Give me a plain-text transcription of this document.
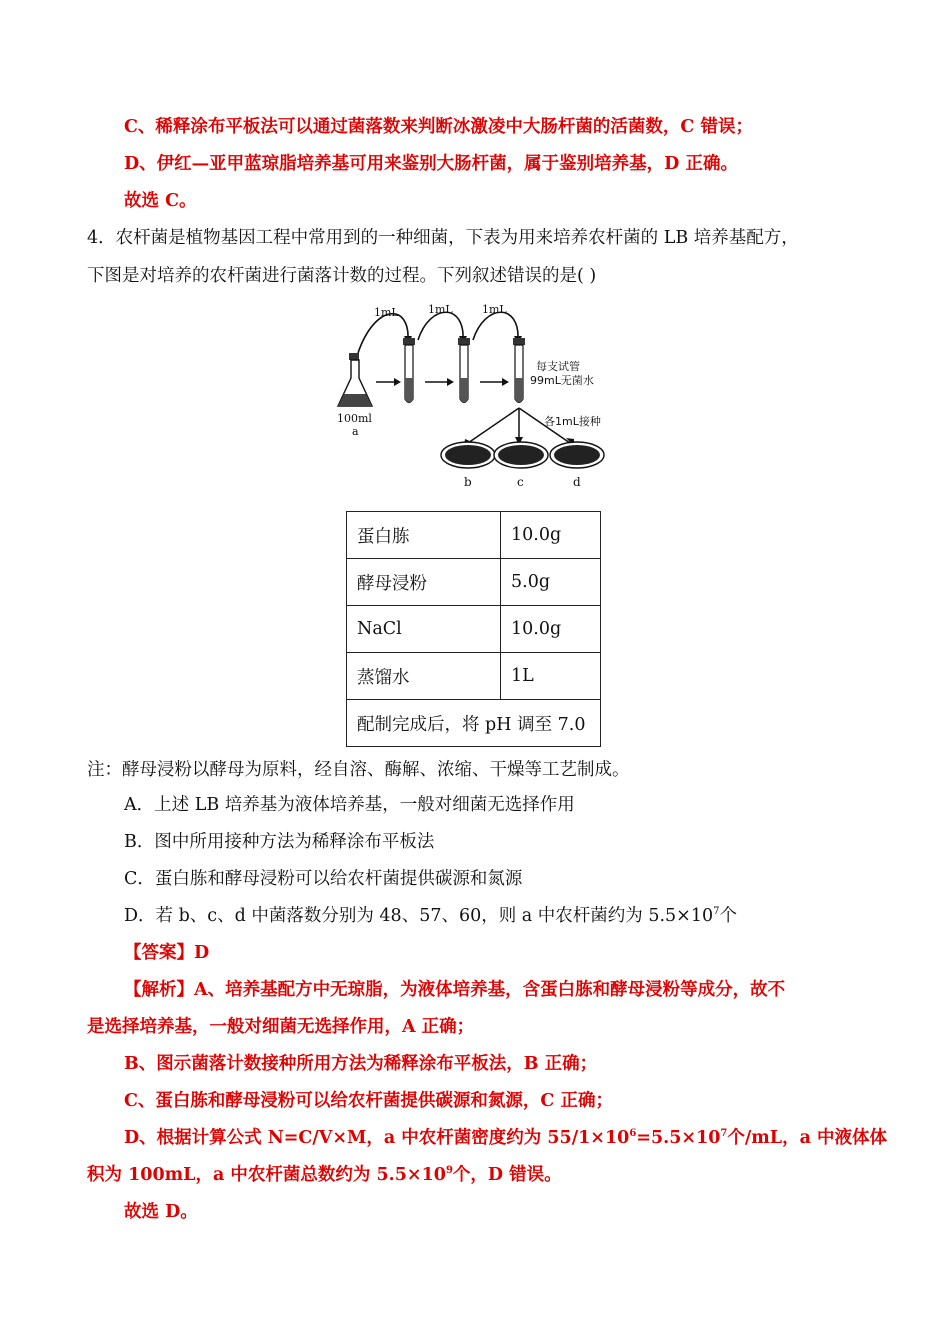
C、稀释涂布平板法可以通过菌落数来判断冰激凌中大肠杆菌的活菌数，C 错误；
D、伊红—亚甲蓝琼脂培养基可用来鉴别大肠杆菌，属于鉴别培养基，D 正确。
故选 C。
4．农杆菌是植物基因工程中常用到的一种细菌，下表为用来培养农杆菌的 LB 培养基配方，
下图是对培养的农杆菌进行菌落计数的过程。下列叙述错误的是( )
1mL	1mL	1mL
100ml
a
每支试管
99mL无菌水
各1mL接种
b	c	d
蛋白胨	10.0g
酵母浸粉	5.0g
NaCl	10.0g
蒸馏水	1L
配制完成后，将 pH 调至 7.0	
注：酵母浸粉以酵母为原料，经自溶、酶解、浓缩、干燥等工艺制成。
A．上述 LB 培养基为液体培养基，一般对细菌无选择作用
B．图中所用接种方法为稀释涂布平板法
C．蛋白胨和酵母浸粉可以给农杆菌提供碳源和氮源
D．若 b、c、d 中菌落数分别为 48、57、60，则 a 中农杆菌约为 $5.5\times 10^7$个
【答案】D
【解析】A、培养基配方中无琼脂，为液体培养基，含蛋白胨和酵母浸粉等成分，故不
是选择培养基，一般对细菌无选择作用，A 正确；
B、图示菌落计数接种所用方法为稀释涂布平板法，B 正确；
C、蛋白胨和酵母浸粉可以给农杆菌提供碳源和氮源，C 正确；
D、根据计算公式 N=C/V×M，a 中农杆菌密度约为 $55/1\times 10^6=5.5\times 10^7$个/mL，a 中液体体
积为 100mL，a 中农杆菌总数约为 $5.5\times 10^9$个，D 错误。
故选 D。
